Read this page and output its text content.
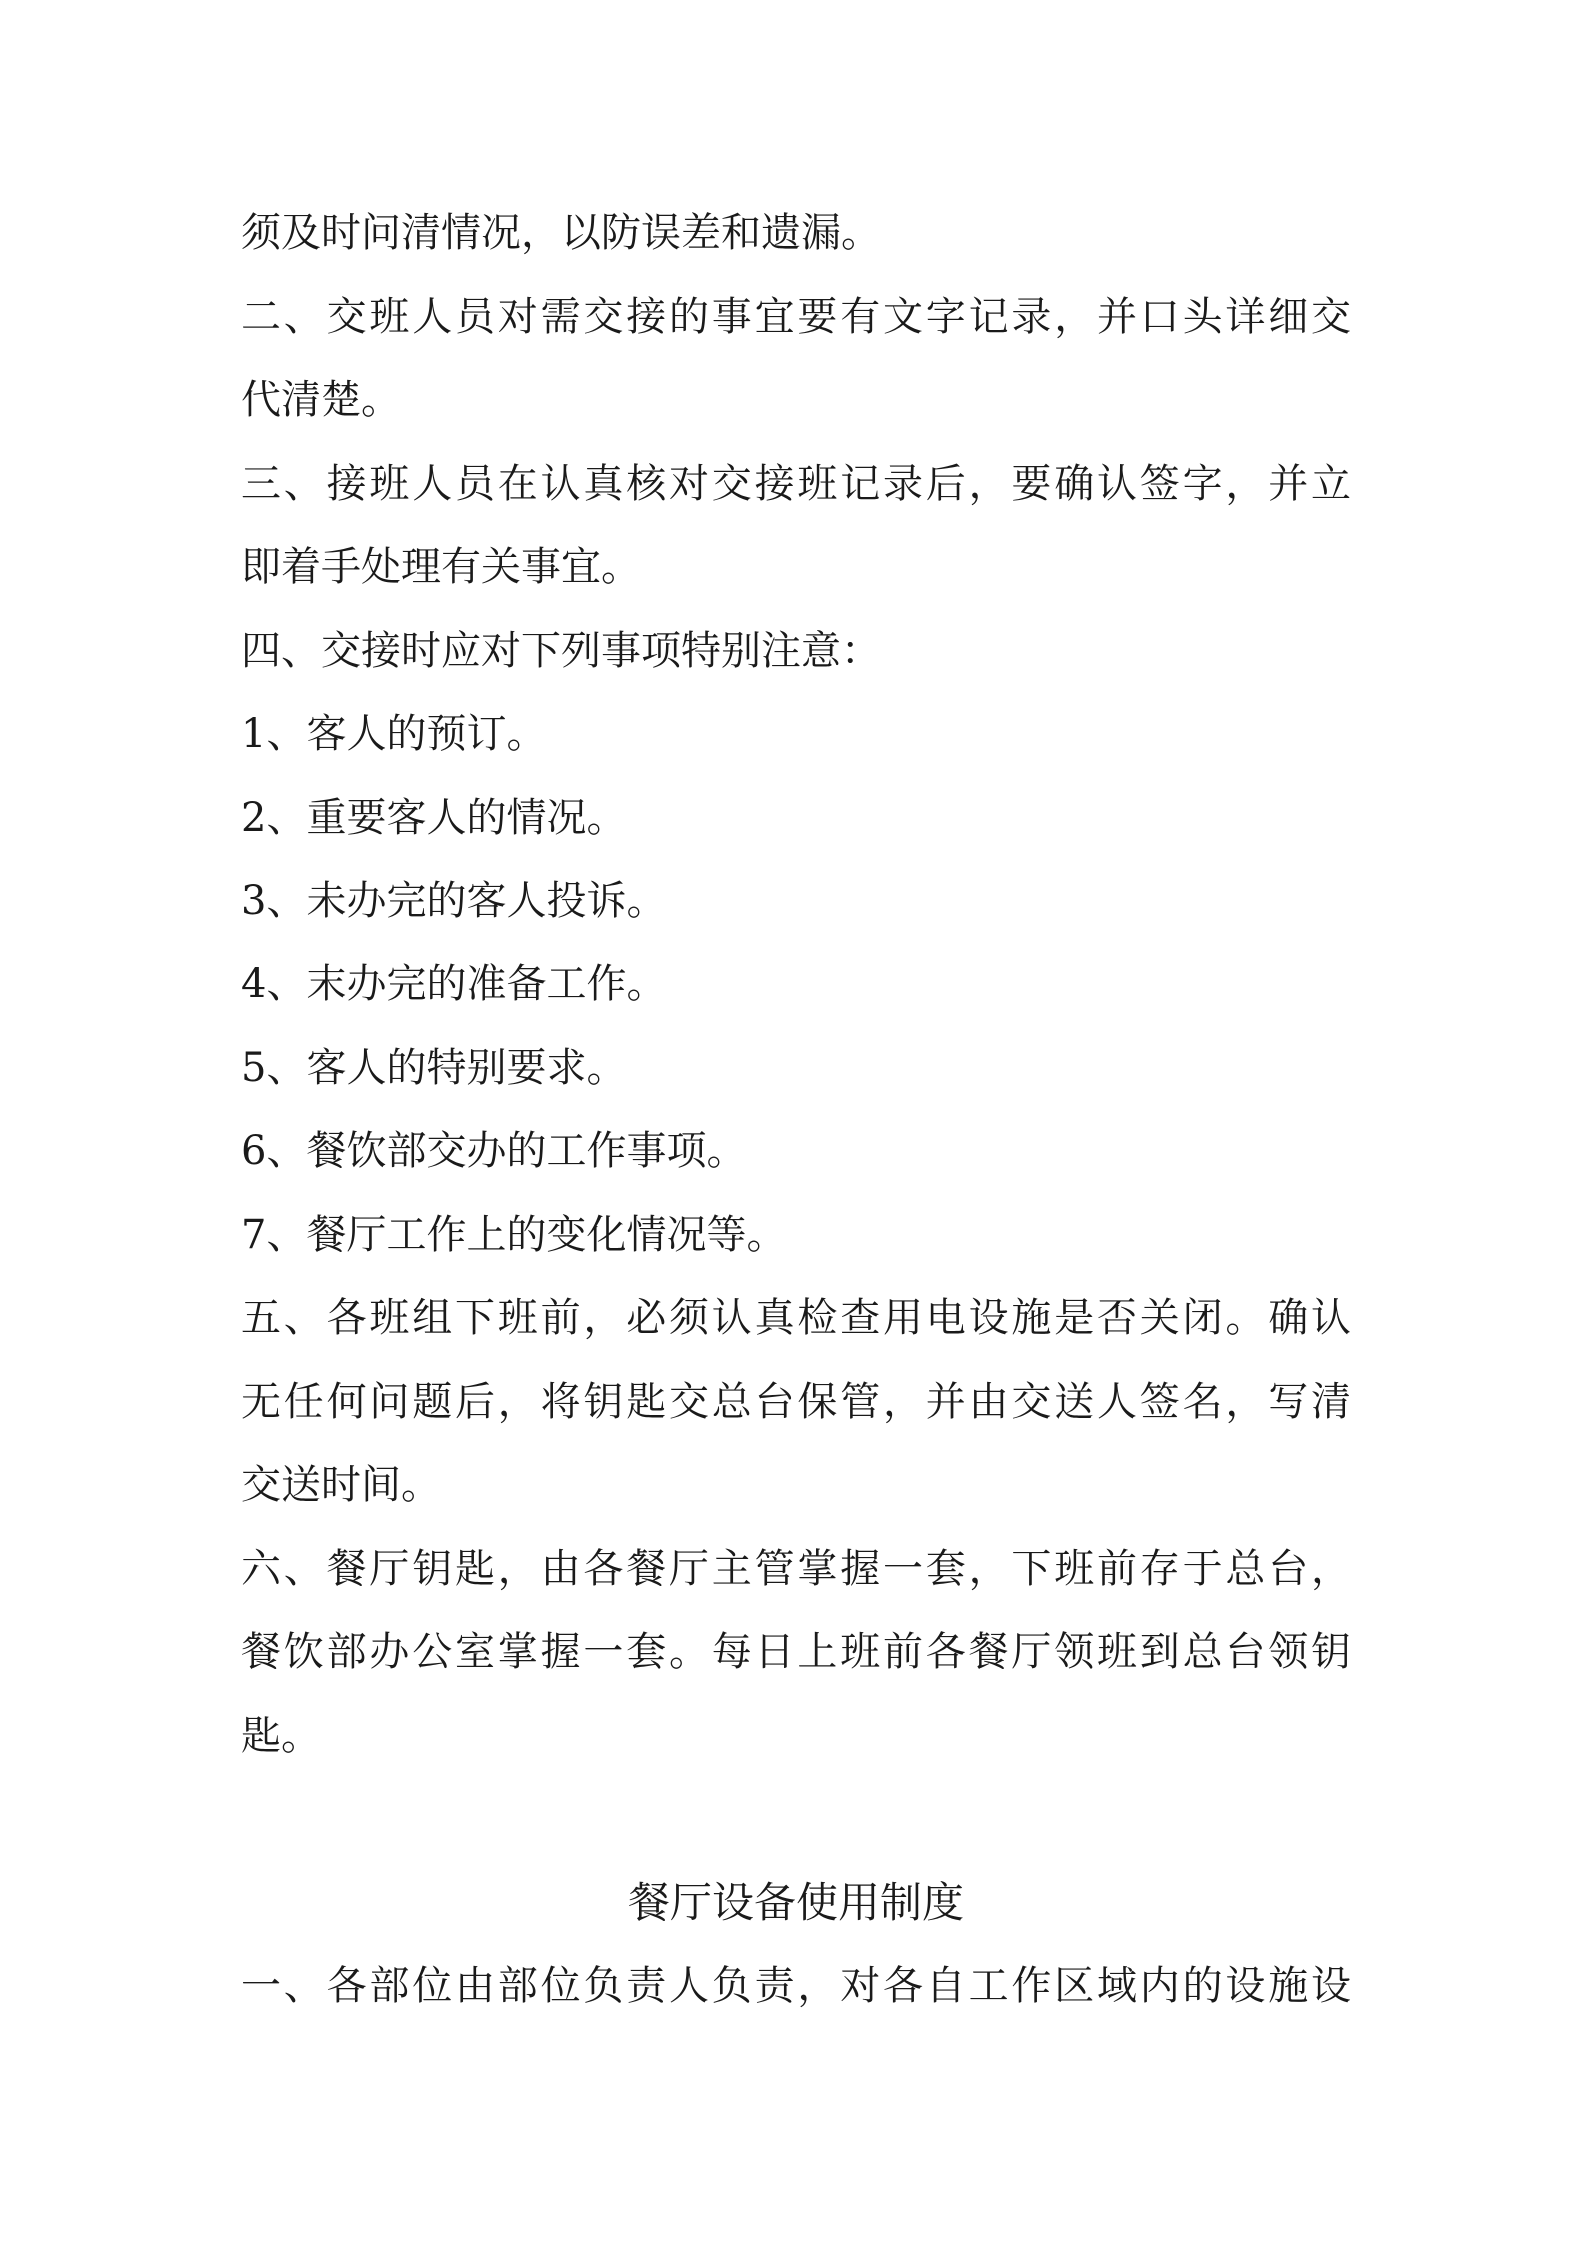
须及时问清情况，以防误差和遗漏。
二、交班人员对需交接的事宜要有文字记录，并口头详细交
代清楚。
三、接班人员在认真核对交接班记录后，要确认签字，并立
即着手处理有关事宜。
四、交接时应对下列事项特别注意：
1、客人的预订。
2、重要客人的情况。
3、未办完的客人投诉。
4、末办完的准备工作。
5、客人的特别要求。
6、餐饮部交办的工作事项。
7、餐厅工作上的变化情况等。
五、各班组下班前，必须认真检查用电设施是否关闭。确认
无任何问题后，将钥匙交总台保管，并由交送人签名，写清
交送时间。
六、餐厅钥匙，由各餐厅主管掌握一套，下班前存于总台，
餐饮部办公室掌握一套。每日上班前各餐厅领班到总台领钥
匙。
餐厅设备使用制度
一、各部位由部位负责人负责，对各自工作区域内的设施设
